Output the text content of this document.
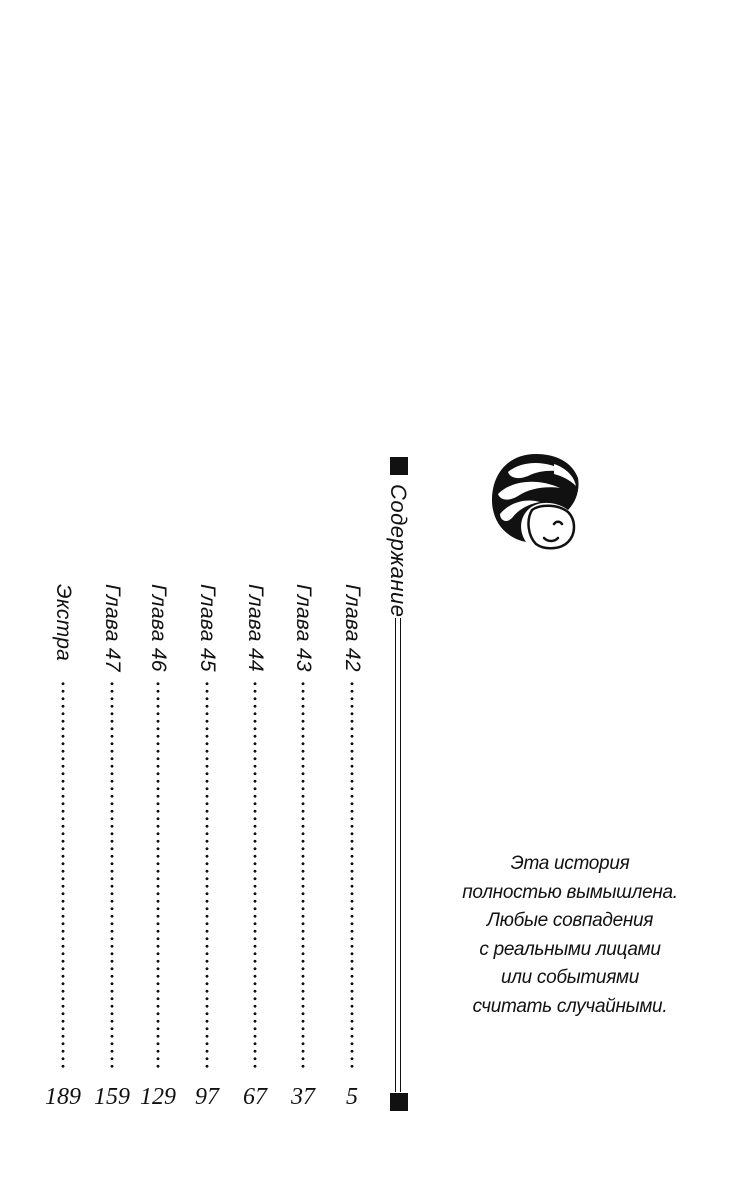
Содержание
Глава 42
5
Глава 43
37
Глава 44
67
Глава 45
97
Глава 46
129
Глава 47
159
Экстра
189
Эта история
полностью вымышлена.
Любые совпадения
с реальными лицами
или событиями
считать случайными.
